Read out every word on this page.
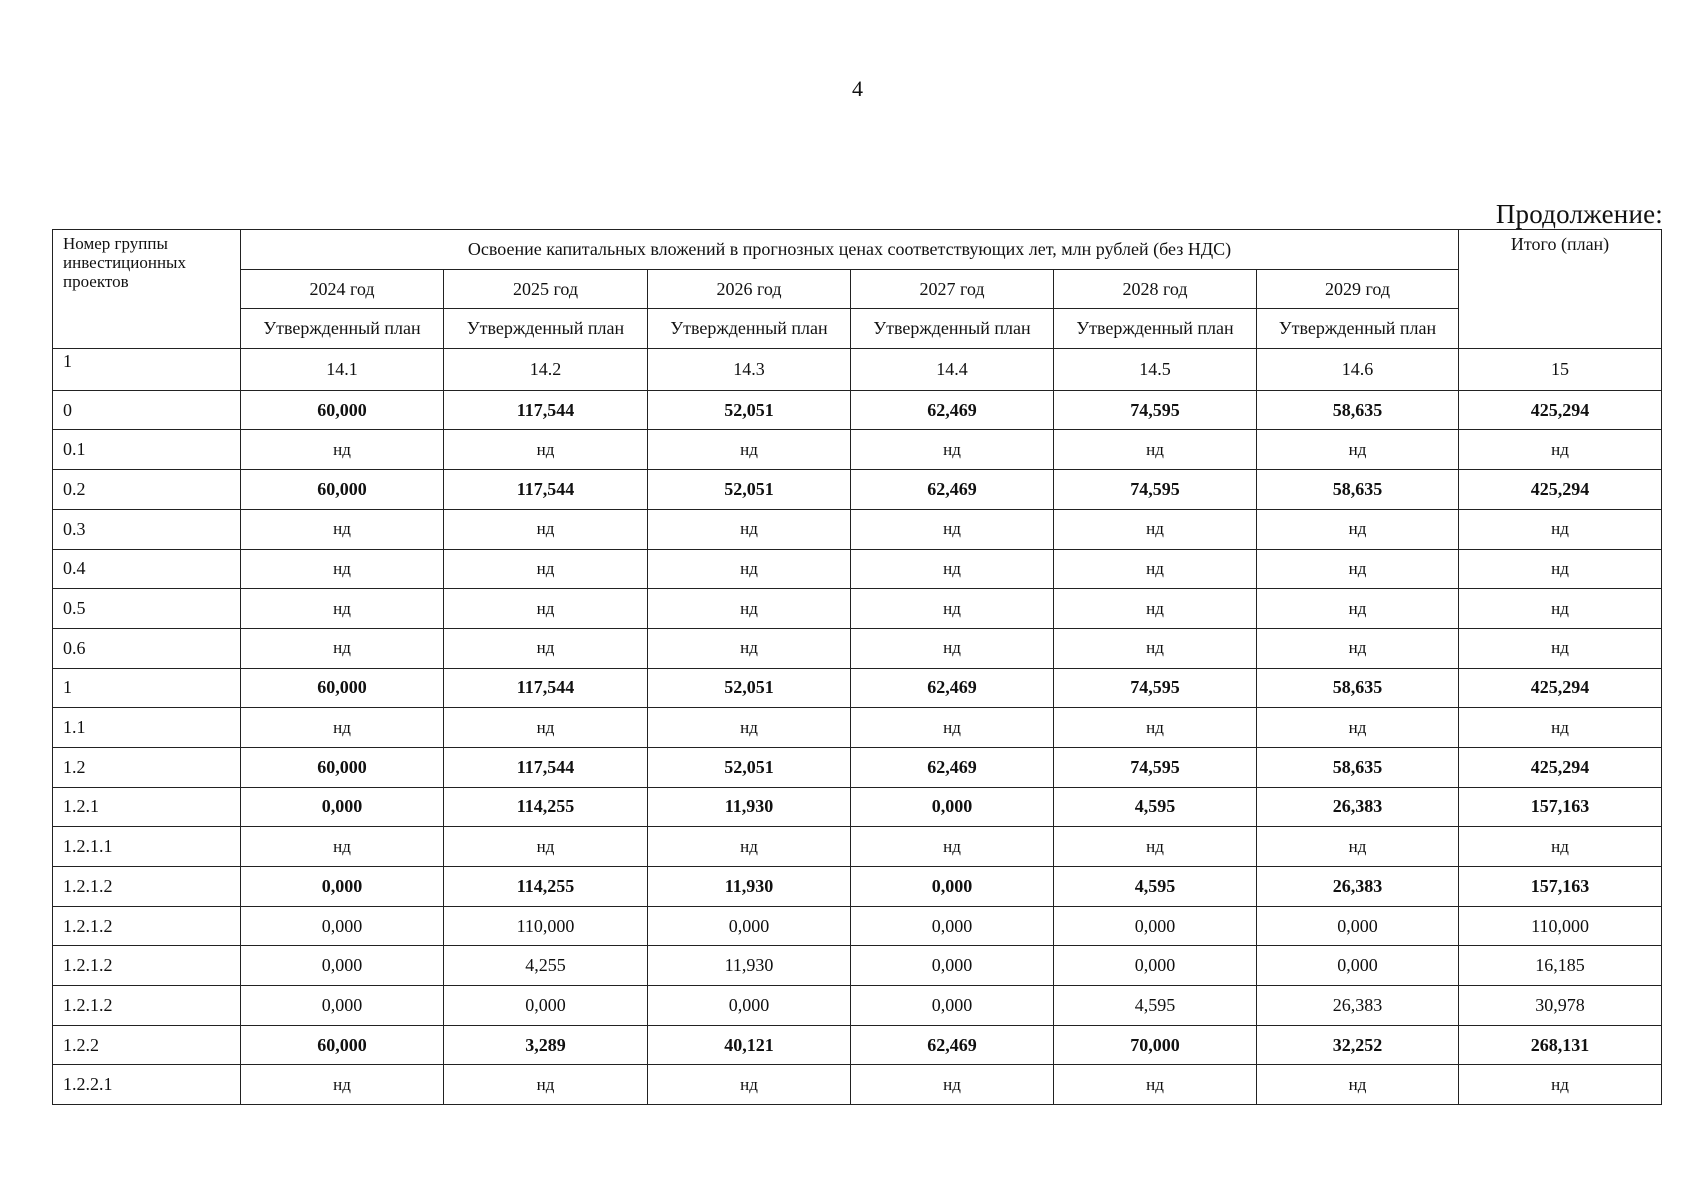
4
Продолжение:
Номер группы инвестиционных проектов	Освоение капитальных вложений в прогнозных ценах соответствующих лет, млн рублей (без НДС)						Итого (план)
	2024 год	2025 год	2026 год	2027 год	2028 год	2029 год	
	Утвержденный план	Утвержденный план	Утвержденный план	Утвержденный план	Утвержденный план	Утвержденный план	
1	14.1	14.2	14.3	14.4	14.5	14.6	15
0	60,000	117,544	52,051	62,469	74,595	58,635	425,294
0.1	нд	нд	нд	нд	нд	нд	нд
0.2	60,000	117,544	52,051	62,469	74,595	58,635	425,294
0.3	нд	нд	нд	нд	нд	нд	нд
0.4	нд	нд	нд	нд	нд	нд	нд
0.5	нд	нд	нд	нд	нд	нд	нд
0.6	нд	нд	нд	нд	нд	нд	нд
1	60,000	117,544	52,051	62,469	74,595	58,635	425,294
1.1	нд	нд	нд	нд	нд	нд	нд
1.2	60,000	117,544	52,051	62,469	74,595	58,635	425,294
1.2.1	0,000	114,255	11,930	0,000	4,595	26,383	157,163
1.2.1.1	нд	нд	нд	нд	нд	нд	нд
1.2.1.2	0,000	114,255	11,930	0,000	4,595	26,383	157,163
1.2.1.2	0,000	110,000	0,000	0,000	0,000	0,000	110,000
1.2.1.2	0,000	4,255	11,930	0,000	0,000	0,000	16,185
1.2.1.2	0,000	0,000	0,000	0,000	4,595	26,383	30,978
1.2.2	60,000	3,289	40,121	62,469	70,000	32,252	268,131
1.2.2.1	нд	нд	нд	нд	нд	нд	нд
